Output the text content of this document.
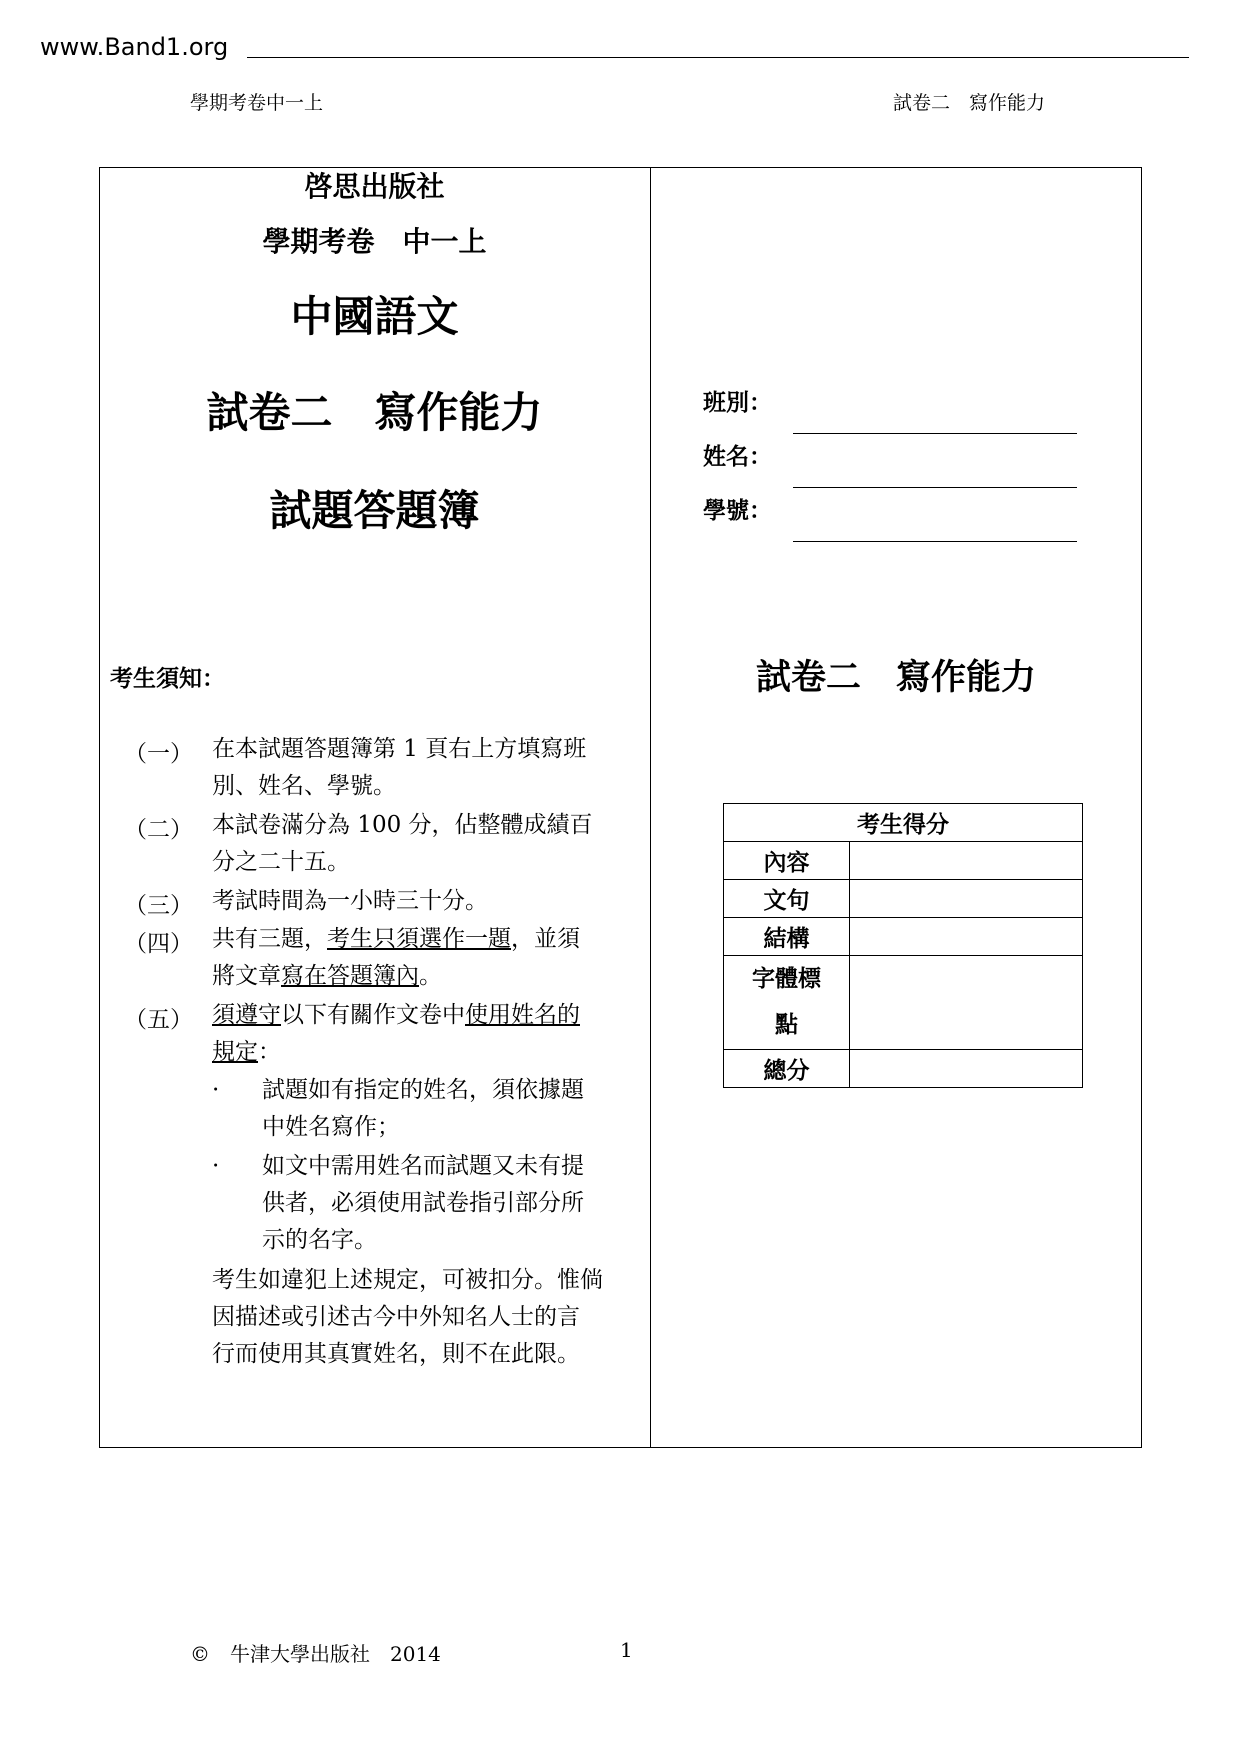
www.Band1.org
學期考卷中一上	試卷二　寫作能力
啓思出版社
學期考卷　中一上
中國語文
試卷二　寫作能力
試題答題簿
考生須知：
（一） 在本試題答題簿第 1 頁右上方填寫班
別、姓名、學號。
（二） 本試卷滿分為 100 分，佔整體成績百
分之二十五。
（三） 考試時間為一小時三十分。
（四） 共有三題，考生只須選作一題，並須
將文章寫在答題簿內。
（五） 須遵守以下有關作文卷中使用姓名的
規定：
· 試題如有指定的姓名，須依據題
中姓名寫作；
· 如文中需用姓名而試題又未有提
供者，必須使用試卷指引部分所
示的名字。
考生如違犯上述規定，可被扣分。惟倘
因描述或引述古今中外知名人士的言
行而使用其真實姓名，則不在此限。
班別：
姓名：
學號：
試卷二　寫作能力
考生得分	
內容	
文句	
結構	

字體標
點	

總分	
©　牛津大學出版社　2014	1
